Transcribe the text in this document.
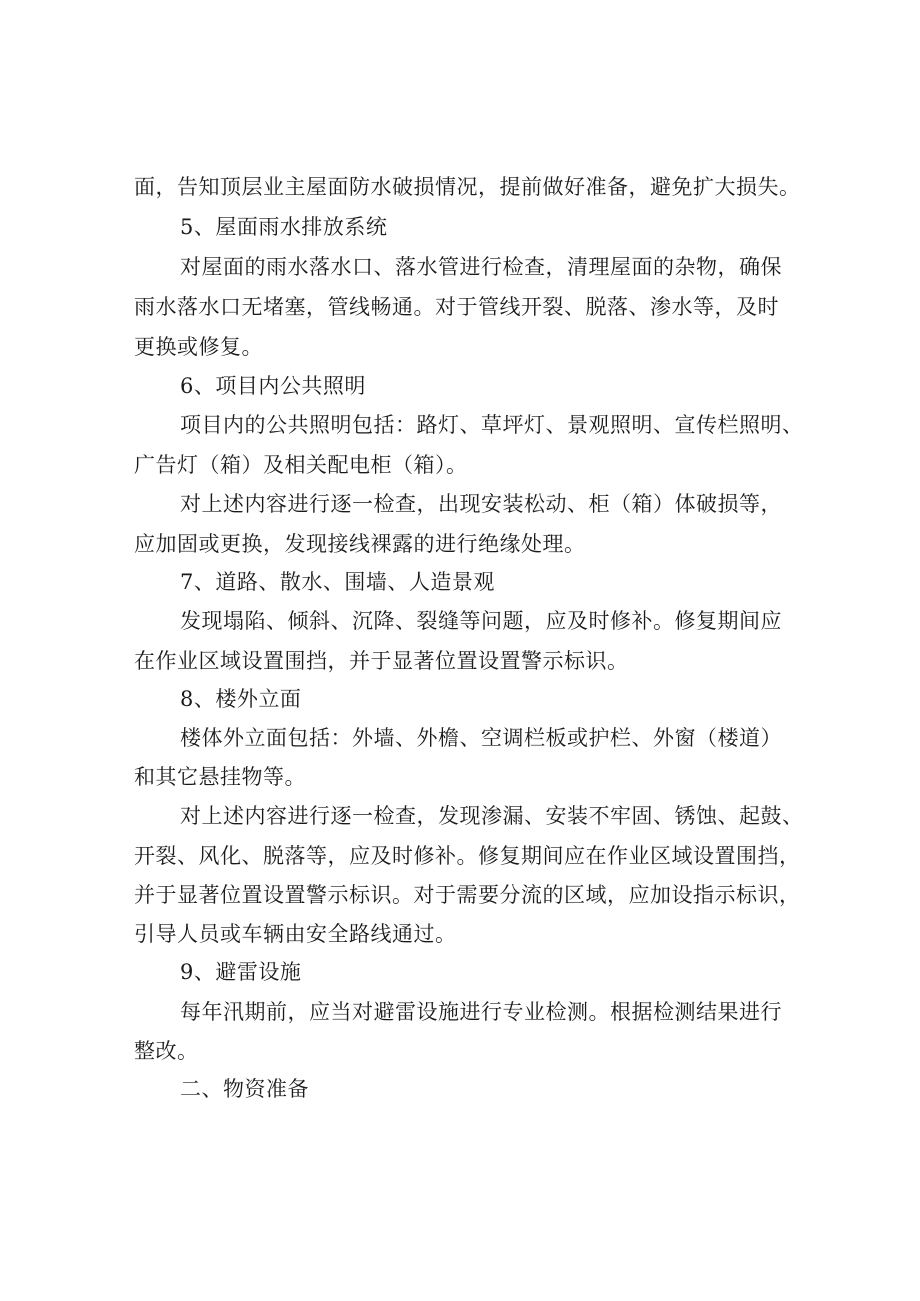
面，告知顶层业主屋面防水破损情况，提前做好准备，避免扩大损失。
5、屋面雨水排放系统
对屋面的雨水落水口、落水管进行检查，清理屋面的杂物，确保
雨水落水口无堵塞，管线畅通。对于管线开裂、脱落、渗水等，及时
更换或修复。
6、项目内公共照明
项目内的公共照明包括：路灯、草坪灯、景观照明、宣传栏照明、
广告灯（箱）及相关配电柜（箱）。
对上述内容进行逐一检查，出现安装松动、柜（箱）体破损等，
应加固或更换，发现接线裸露的进行绝缘处理。
7、道路、散水、围墙、人造景观
发现塌陷、倾斜、沉降、裂缝等问题，应及时修补。修复期间应
在作业区域设置围挡，并于显著位置设置警示标识。
8、楼外立面
楼体外立面包括：外墙、外檐、空调栏板或护栏、外窗（楼道）
和其它悬挂物等。
对上述内容进行逐一检查，发现渗漏、安装不牢固、锈蚀、起鼓、
开裂、风化、脱落等，应及时修补。修复期间应在作业区域设置围挡，
并于显著位置设置警示标识。对于需要分流的区域，应加设指示标识，
引导人员或车辆由安全路线通过。
9、避雷设施
每年汛期前，应当对避雷设施进行专业检测。根据检测结果进行
整改。
二、物资准备
